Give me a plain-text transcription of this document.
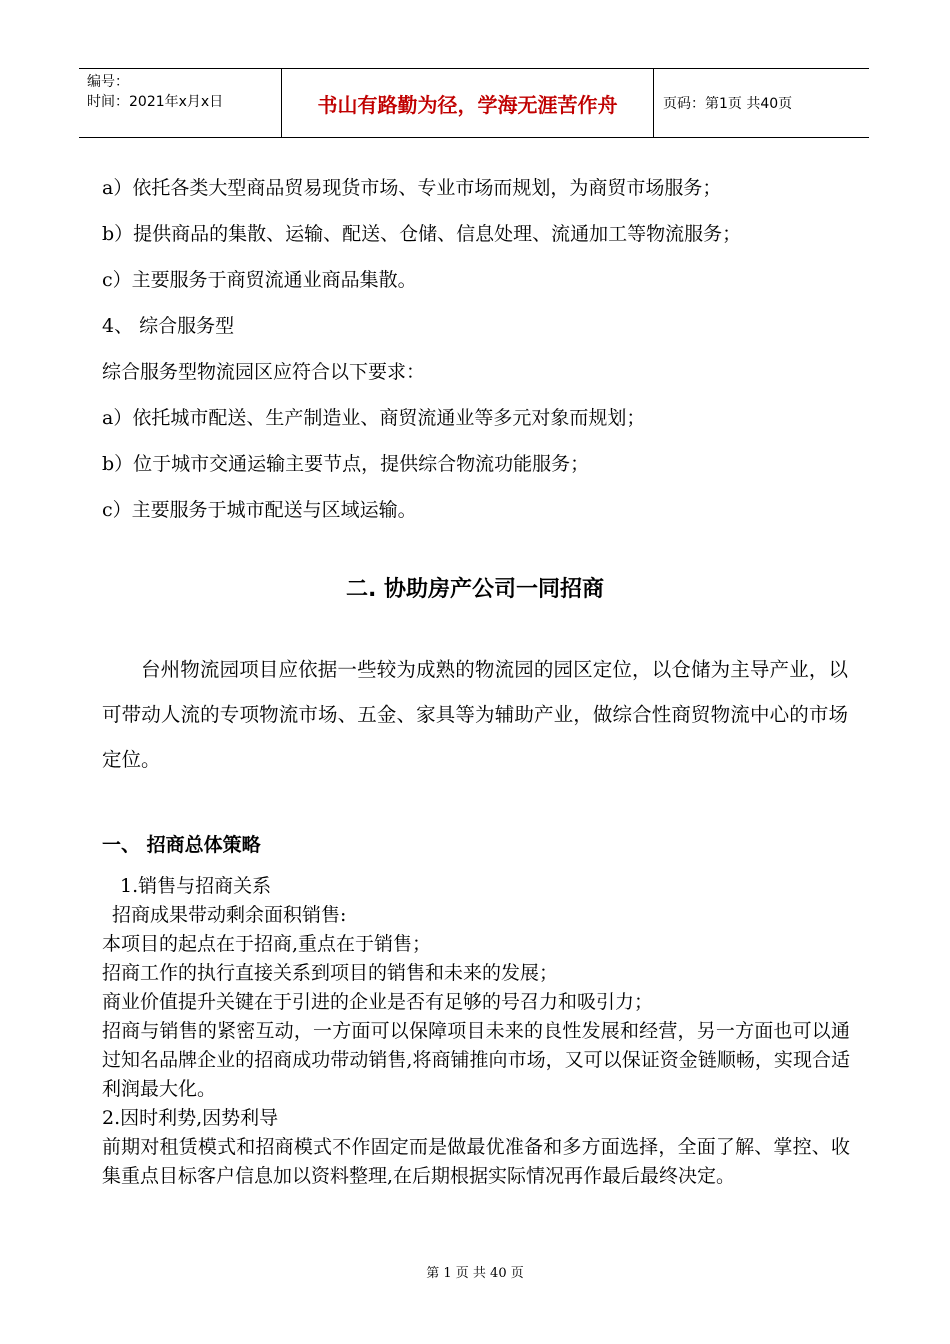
编号：
时间：2021年x月x日	书山有路勤为径，学海无涯苦作舟	页码：第1页 共40页
a）依托各类大型商品贸易现货市场、专业市场而规划，为商贸市场服务；
b）提供商品的集散、运输、配送、仓储、信息处理、流通加工等物流服务；
c）主要服务于商贸流通业商品集散。
4、 综合服务型
综合服务型物流园区应符合以下要求：
a）依托城市配送、生产制造业、商贸流通业等多元对象而规划；
b）位于城市交通运输主要节点，提供综合物流功能服务；
c）主要服务于城市配送与区域运输。
二. 协助房产公司一同招商
台州物流园项目应依据一些较为成熟的物流园的园区定位，以仓储为主导产业，以可带动人流的专项物流市场、五金、家具等为辅助产业，做综合性商贸物流中心的市场定位。
一、 招商总体策略
1.销售与招商关系
招商成果带动剩余面积销售:
本项目的起点在于招商,重点在于销售；
招商工作的执行直接关系到项目的销售和未来的发展；
商业价值提升关键在于引进的企业是否有足够的号召力和吸引力；
招商与销售的紧密互动，一方面可以保障项目未来的良性发展和经营，另一方面也可以通过知名品牌企业的招商成功带动销售,将商铺推向市场，又可以保证资金链顺畅，实现合适利润最大化。
2.因时利势,因势利导
前期对租赁模式和招商模式不作固定而是做最优准备和多方面选择，全面了解、掌控、收集重点目标客户信息加以资料整理,在后期根据实际情况再作最后最终决定。
第 1 页 共 40 页
